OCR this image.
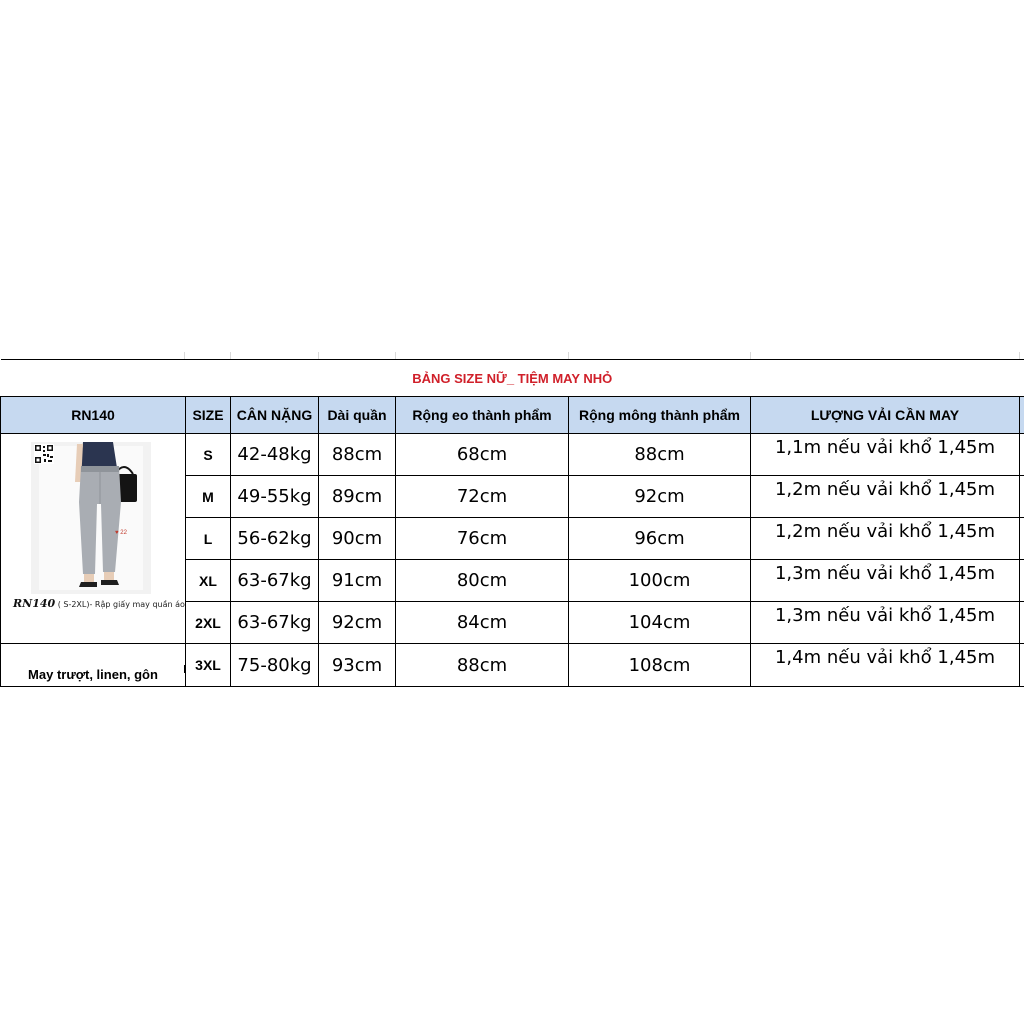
BẢNG SIZE NỮ_ TIỆM MAY NHỎ							
RN140	SIZE	CÂN NẶNG	Dài quần	Rộng eo thành phẩm	Rộng mông thành phẩm	LƯỢNG VẢI CẦN MAY	

♥ 22
RN140 ( S-2XL)- Rập giấy may quần áo	S	42-48kg	88cm	68cm	88cm	1,1m nếu vải khổ 1,45m	
	M	49-55kg	89cm	72cm	92cm	1,2m nếu vải khổ 1,45m	
	L	56-62kg	90cm	76cm	96cm	1,2m nếu vải khổ 1,45m	
	XL	63-67kg	91cm	80cm	100cm	1,3m nếu vải khổ 1,45m	
	2XL	63-67kg	92cm	84cm	104cm	1,3m nếu vải khổ 1,45m	
May trượt, linen, gôn	3XL	75-80kg	93cm	88cm	108cm	1,4m nếu vải khổ 1,45m	
